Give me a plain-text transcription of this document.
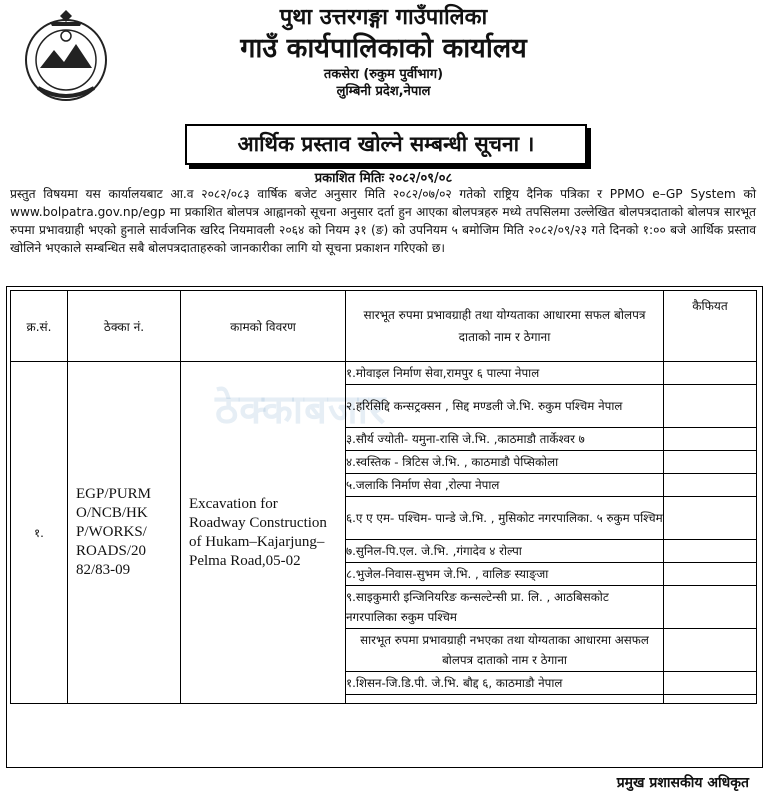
पुथा उत्तरगङ्गा गाउँपालिका
गाउँ कार्यपालिकाको कार्यालय
तकसेरा (रुकुम पुर्वीभाग)
लुम्बिनी प्रदेश,नेपाल
आर्थिक प्रस्ताव खोल्ने सम्बन्धी सूचना ।
प्रकाशित मितिः २०८२/०९/०८
प्रस्तुत विषयमा यस कार्यालयबाट आ.व २०८२/०८३ वार्षिक बजेट अनुसार मिति २०८२/०७/०२ गतेको राष्ट्रिय दैनिक पत्रिका र PPMO e–GP System को www.bolpatra.gov.np/egp मा प्रकाशित बोलपत्र आह्वानको सूचना अनुसार दर्ता हुन आएका बोलपत्रहरु मध्ये तपसिलमा उल्लेखित बोलपत्रदाताको बोलपत्र सारभूत रुपमा प्रभावग्राही भएको हुनाले सार्वजनिक खरिद नियमावली २०६४ को नियम ३१ (ङ) को उपनियम ५ बमोजिम मिति २०८२/०९/२३ गते दिनको १:०० बजे आर्थिक प्रस्ताव खोलिने भएकाले सम्बन्धित सबै बोलपत्रदाताहरुको जानकारीका लागि यो सूचना प्रकाशन गरिएको छ।
ठेक्काबजार
क्र.सं.	ठेक्का नं.	कामको विवरण	सारभूत रुपमा प्रभावग्राही तथा योग्यताका आधारमा सफल बोलपत्र दाताको नाम र ठेगाना	कैफियत
१.	EGP/PURM O/NCB/HK P/WORKS/ ROADS/20 82/83-09	Excavation for Roadway Construction of Hukam–Kajarjung–Pelma Road,05-02	१.मोवाइल निर्माण सेवा,रामपुर ६ पाल्पा नेपाल	
			२.हरिसिद्दि कन्सट्रक्सन , सिद्द मण्डली जे.भि. रुकुम पश्चिम नेपाल	
			३.सौर्य ज्योती- यमुना-रासि जे.भि. ,काठमाडौ तार्केश्वर ७	
			४.स्वस्तिक - त्रिटिस जे.भि. , काठमाडौ पेप्सिकोला	
			५.जलाकि निर्माण सेवा ,रोल्पा नेपाल	
			६.ए ए एम- पश्चिम- पान्डे जे.भि. , मुसिकोट नगरपालिका. ५ रुकुम पश्चिम	
			७.सुनिल-पि.एल. जे.भि. ,गंगादेव ४ रोल्पा	
			८.भुजेल-निवास-सुभम जे.भि. , वालिङ स्याङ्जा	
			९.साइकुमारी इन्जिनियरिङ कन्सल्टेन्सी प्रा. लि. , आठबिसकोट नगरपालिका रुकुम पश्चिम	
			सारभूत रुपमा प्रभावग्राही नभएका तथा योग्यताका आधारमा असफल बोलपत्र दाताको नाम र ठेगाना	
			१.शिसन-जि.डि.पी. जे.भि. बौद्द ६, काठमाडौ नेपाल	

प्रमुख प्रशासकीय अधिकृत
